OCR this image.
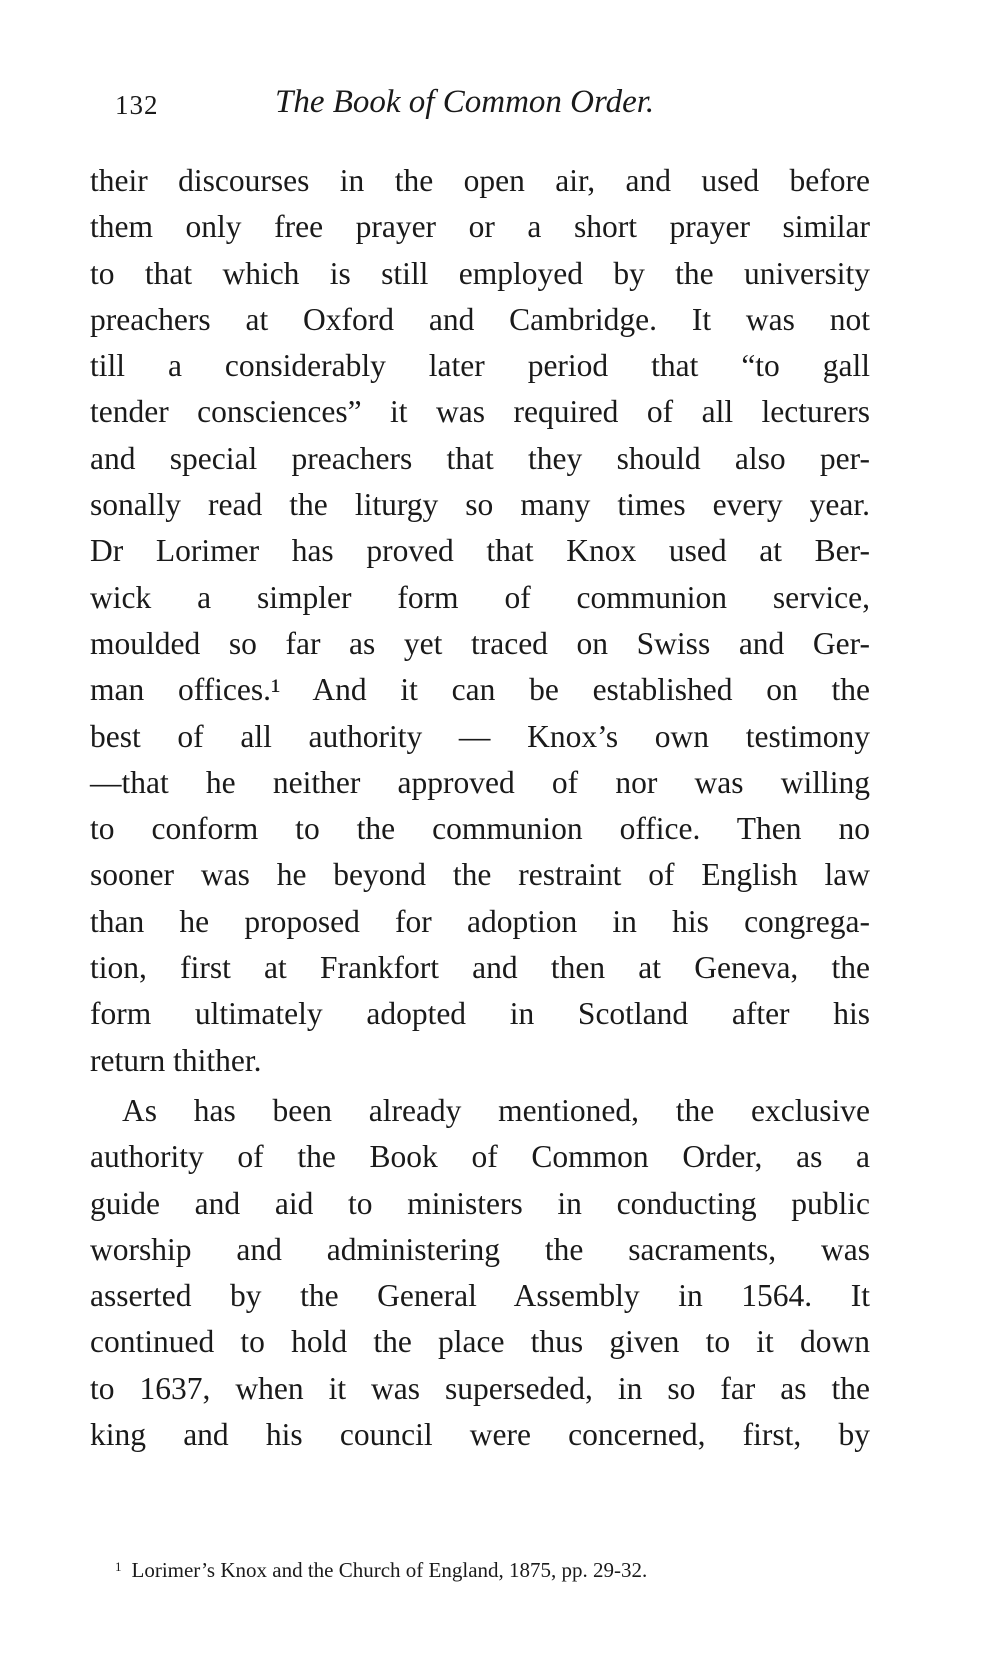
132	The Book of Common Order.
their discourses in the open air, and used before
them only free prayer or a short prayer similar
to that which is still employed by the university
preachers at Oxford and Cambridge. It was not
till a considerably later period that “to gall
tender consciences” it was required of all lecturers
and special preachers that they should also per-
sonally read the liturgy so many times every year.
Dr Lorimer has proved that Knox used at Ber-
wick a simpler form of communion service,
moulded so far as yet traced on Swiss and Ger-
man offices.¹ And it can be established on the
best of all authority — Knox’s own testimony
—that he neither approved of nor was willing
to conform to the communion office. Then no
sooner was he beyond the restraint of English law
than he proposed for adoption in his congrega-
tion, first at Frankfort and then at Geneva, the
form ultimately adopted in Scotland after his
return thither.
As has been already mentioned, the exclusive
authority of the Book of Common Order, as a
guide and aid to ministers in conducting public
worship and administering the sacraments, was
asserted by the General Assembly in 1564. It
continued to hold the place thus given to it down
to 1637, when it was superseded, in so far as the
king and his council were concerned, first, by
$^1$ Lorimer’s Knox and the Church of England, 1875, pp. 29-32.
